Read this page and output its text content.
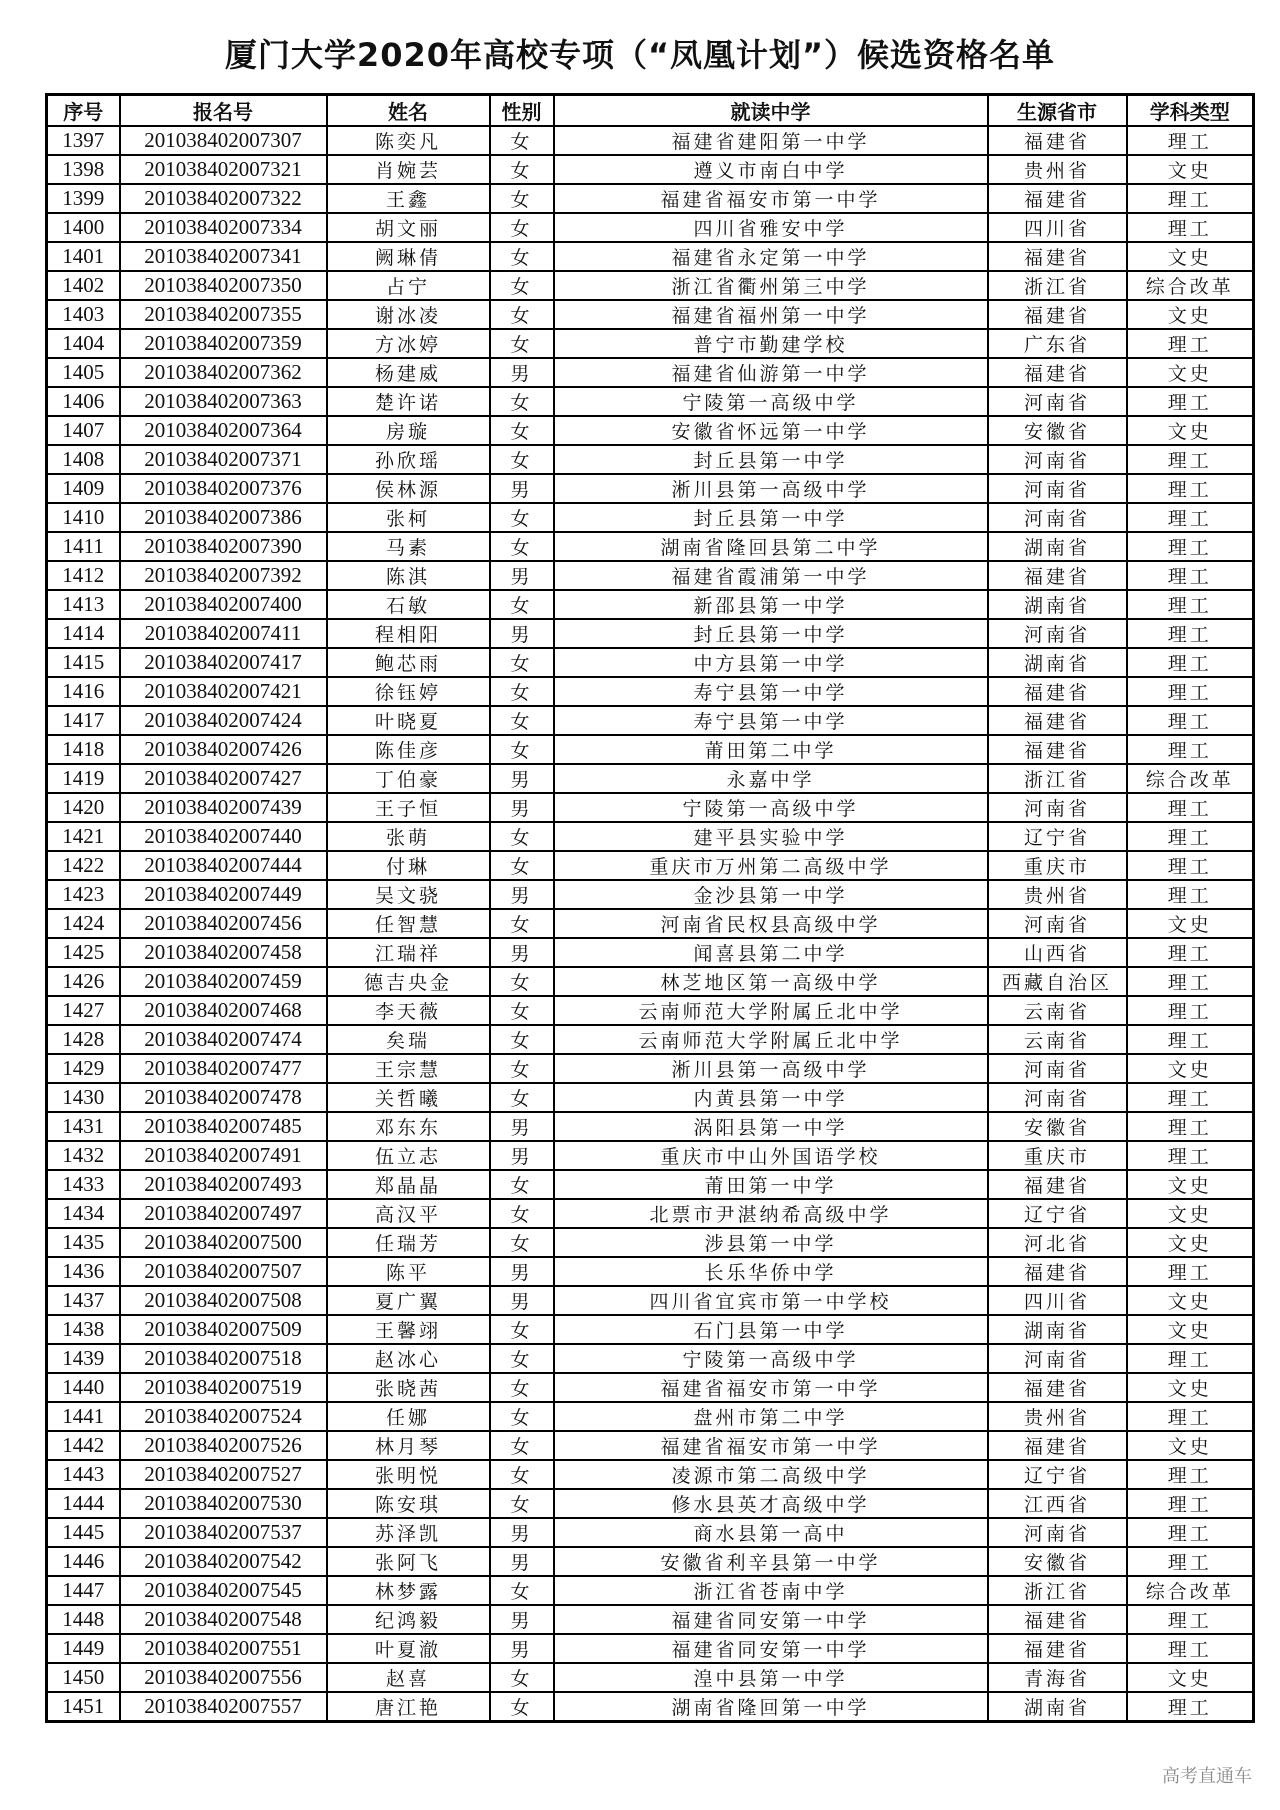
厦门大学2020年高校专项（“凤凰计划”）候选资格名单
序号	报名号	姓名	性别	就读中学	生源省市	学科类型
1397	201038402007307	陈奕凡	女	福建省建阳第一中学	福建省	理工
1398	201038402007321	肖婉芸	女	遵义市南白中学	贵州省	文史
1399	201038402007322	王鑫	女	福建省福安市第一中学	福建省	理工
1400	201038402007334	胡文丽	女	四川省雅安中学	四川省	理工
1401	201038402007341	阙琳倩	女	福建省永定第一中学	福建省	文史
1402	201038402007350	占宁	女	浙江省衢州第三中学	浙江省	综合改革
1403	201038402007355	谢冰凌	女	福建省福州第一中学	福建省	文史
1404	201038402007359	方冰婷	女	普宁市勤建学校	广东省	理工
1405	201038402007362	杨建威	男	福建省仙游第一中学	福建省	文史
1406	201038402007363	楚许诺	女	宁陵第一高级中学	河南省	理工
1407	201038402007364	房璇	女	安徽省怀远第一中学	安徽省	文史
1408	201038402007371	孙欣瑶	女	封丘县第一中学	河南省	理工
1409	201038402007376	侯林源	男	淅川县第一高级中学	河南省	理工
1410	201038402007386	张柯	女	封丘县第一中学	河南省	理工
1411	201038402007390	马素	女	湖南省隆回县第二中学	湖南省	理工
1412	201038402007392	陈淇	男	福建省霞浦第一中学	福建省	理工
1413	201038402007400	石敏	女	新邵县第一中学	湖南省	理工
1414	201038402007411	程相阳	男	封丘县第一中学	河南省	理工
1415	201038402007417	鲍芯雨	女	中方县第一中学	湖南省	理工
1416	201038402007421	徐钰婷	女	寿宁县第一中学	福建省	理工
1417	201038402007424	叶晓夏	女	寿宁县第一中学	福建省	理工
1418	201038402007426	陈佳彦	女	莆田第二中学	福建省	理工
1419	201038402007427	丁伯豪	男	永嘉中学	浙江省	综合改革
1420	201038402007439	王子恒	男	宁陵第一高级中学	河南省	理工
1421	201038402007440	张萌	女	建平县实验中学	辽宁省	理工
1422	201038402007444	付琳	女	重庆市万州第二高级中学	重庆市	理工
1423	201038402007449	吴文骁	男	金沙县第一中学	贵州省	理工
1424	201038402007456	任智慧	女	河南省民权县高级中学	河南省	文史
1425	201038402007458	江瑞祥	男	闻喜县第二中学	山西省	理工
1426	201038402007459	德吉央金	女	林芝地区第一高级中学	西藏自治区	理工
1427	201038402007468	李天薇	女	云南师范大学附属丘北中学	云南省	理工
1428	201038402007474	矣瑞	女	云南师范大学附属丘北中学	云南省	理工
1429	201038402007477	王宗慧	女	淅川县第一高级中学	河南省	文史
1430	201038402007478	关哲曦	女	内黄县第一中学	河南省	理工
1431	201038402007485	邓东东	男	涡阳县第一中学	安徽省	理工
1432	201038402007491	伍立志	男	重庆市中山外国语学校	重庆市	理工
1433	201038402007493	郑晶晶	女	莆田第一中学	福建省	文史
1434	201038402007497	高汉平	女	北票市尹湛纳希高级中学	辽宁省	文史
1435	201038402007500	任瑞芳	女	涉县第一中学	河北省	文史
1436	201038402007507	陈平	男	长乐华侨中学	福建省	理工
1437	201038402007508	夏广翼	男	四川省宜宾市第一中学校	四川省	文史
1438	201038402007509	王馨翊	女	石门县第一中学	湖南省	文史
1439	201038402007518	赵冰心	女	宁陵第一高级中学	河南省	理工
1440	201038402007519	张晓茜	女	福建省福安市第一中学	福建省	文史
1441	201038402007524	任娜	女	盘州市第二中学	贵州省	理工
1442	201038402007526	林月琴	女	福建省福安市第一中学	福建省	文史
1443	201038402007527	张明悦	女	凌源市第二高级中学	辽宁省	理工
1444	201038402007530	陈安琪	女	修水县英才高级中学	江西省	理工
1445	201038402007537	苏泽凯	男	商水县第一高中	河南省	理工
1446	201038402007542	张阿飞	男	安徽省利辛县第一中学	安徽省	理工
1447	201038402007545	林梦露	女	浙江省苍南中学	浙江省	综合改革
1448	201038402007548	纪鸿毅	男	福建省同安第一中学	福建省	理工
1449	201038402007551	叶夏澈	男	福建省同安第一中学	福建省	理工
1450	201038402007556	赵喜	女	湟中县第一中学	青海省	文史
1451	201038402007557	唐江艳	女	湖南省隆回第一中学	湖南省	理工
高考直通车
